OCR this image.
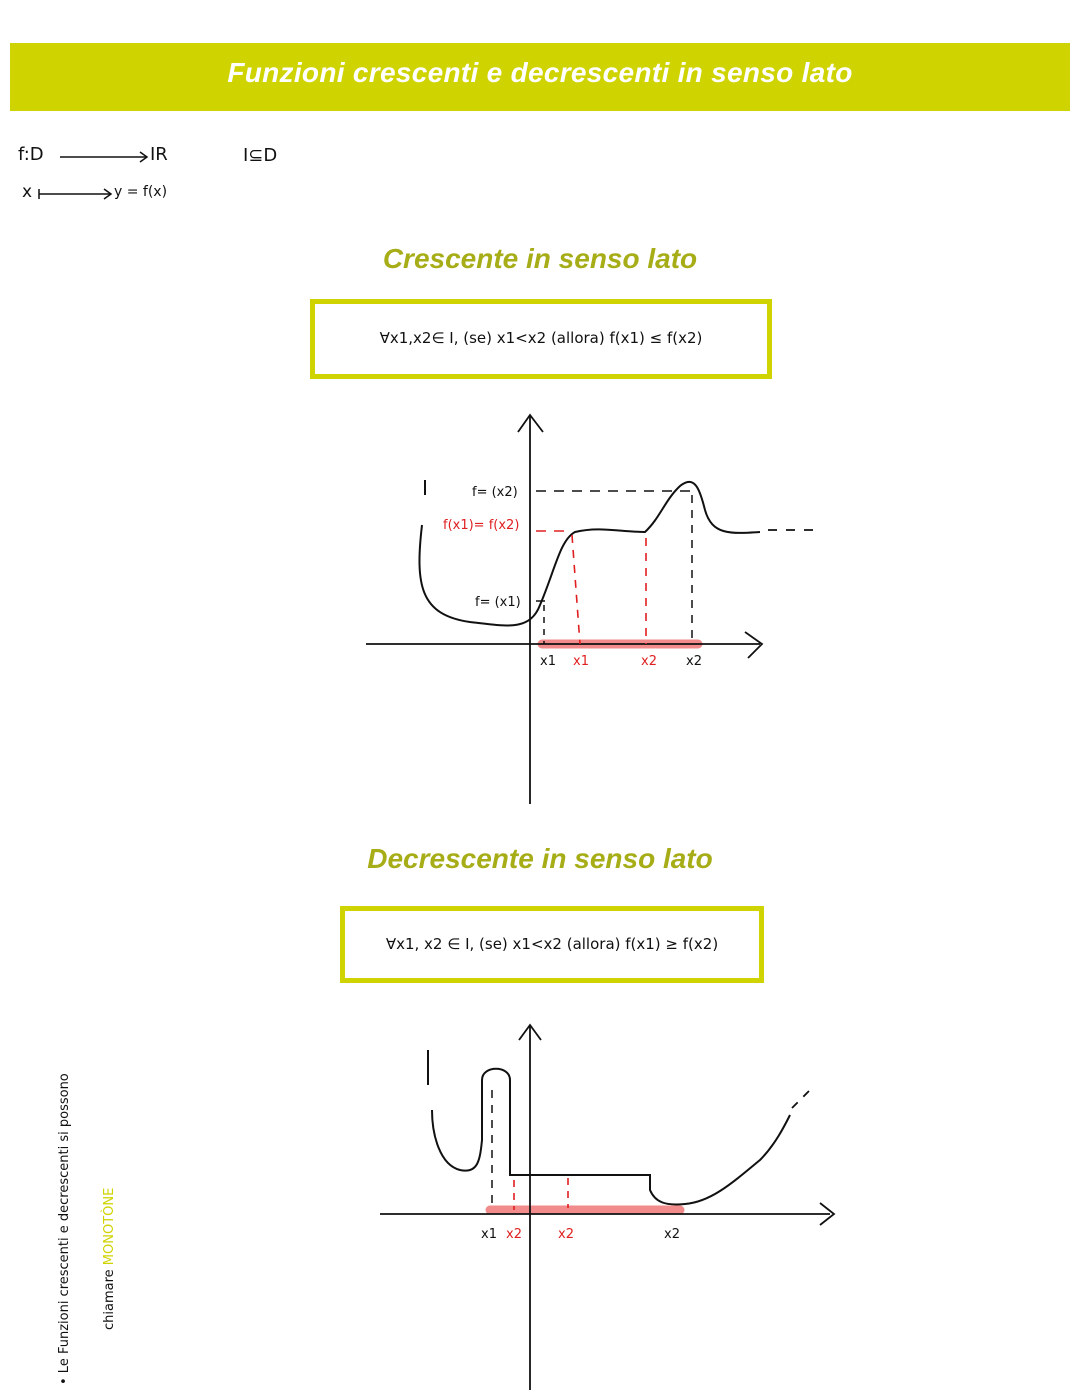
Funzioni crescenti e decrescenti in senso lato
f:D	IR
x	y = f(x)
I⊆D
Crescente in senso lato
∀x1,x2∈ I, (se) x1<x2 (allora) f(x1) ≤ f(x2)
f= (x2)
f(x1)= f(x2)
f= (x1)
x1 x1	x2 x2
Decrescente in senso lato
∀x1, x2 ∈ I, (se) x1<x2 (allora) f(x1) ≥ f(x2)
x1 x2	x2	x2
• Le Funzioni crescenti e decrescenti si possono chiamare MONOTÒNE
